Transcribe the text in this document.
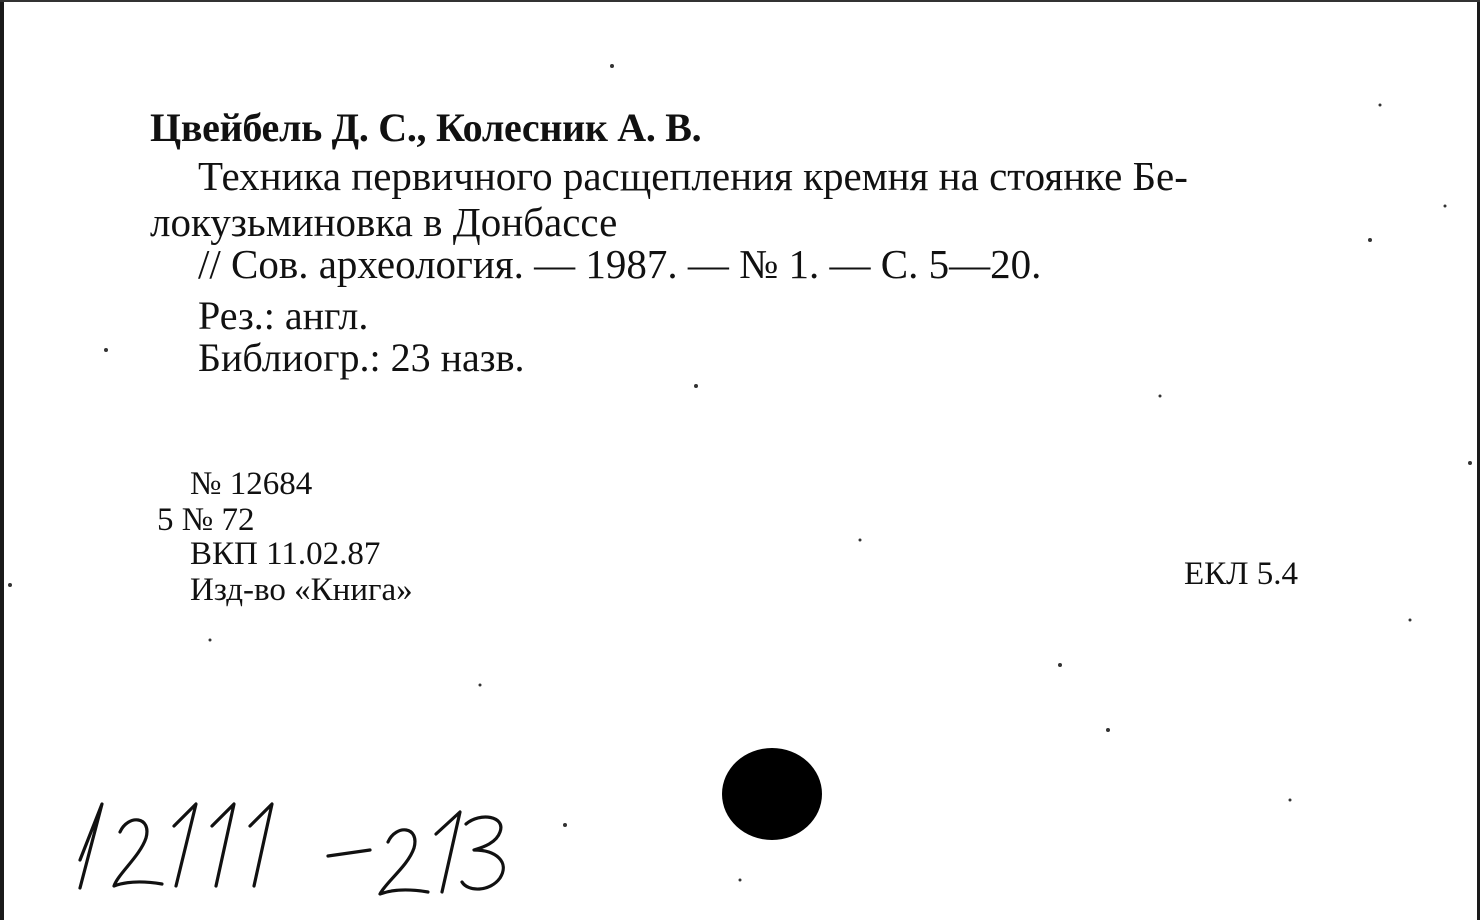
Цвейбель Д. С., Колесник А. В.
Техника первичного расщепления кремня на стоянке Бе-
локузьминовка в Донбассе
// Сов. археология. — 1987. — № 1. — С. 5—20.
Рез.: англ.
Библиогр.: 23 назв.
№ 12684
5 № 72
ВКП 11.02.87
Изд-во «Книга»	ЕКЛ 5.4
